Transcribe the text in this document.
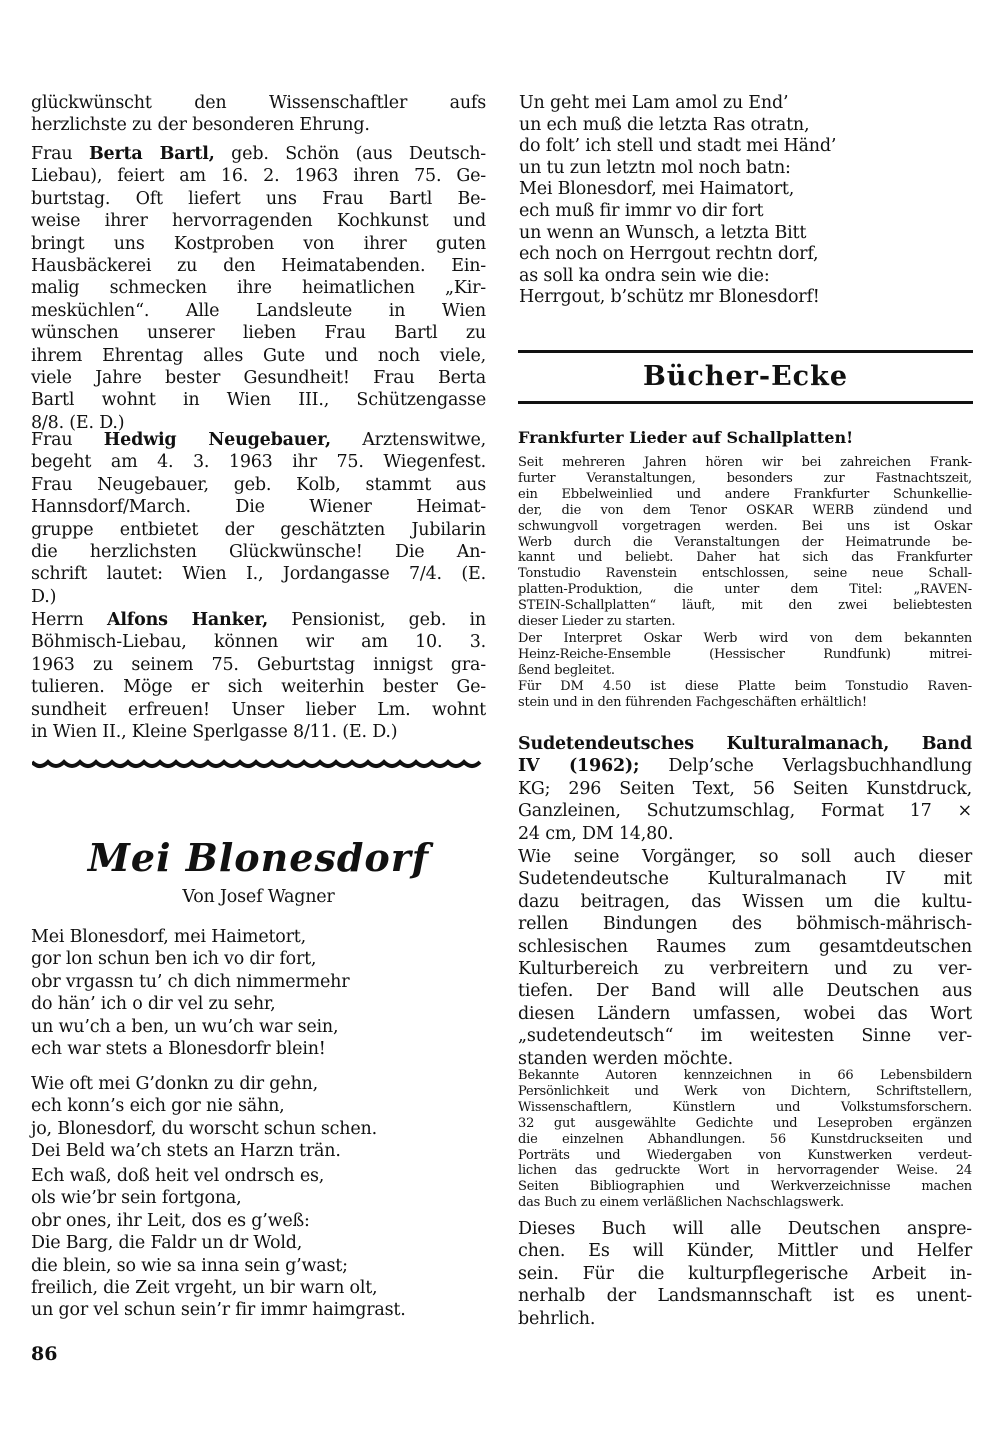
glückwünscht den Wissenschaftler aufs
herzlichste zu der besonderen Ehrung.
Frau Berta Bartl, geb. Schön (aus Deutsch-
Liebau), feiert am 16. 2. 1963 ihren 75. Ge-
burtstag. Oft liefert uns Frau Bartl Be-
weise ihrer hervorragenden Kochkunst und
bringt uns Kostproben von ihrer guten
Hausbäckerei zu den Heimatabenden. Ein-
malig schmecken ihre heimatlichen „Kir-
mesküchlen“. Alle Landsleute in Wien
wünschen unserer lieben Frau Bartl zu
ihrem Ehrentag alles Gute und noch viele,
viele Jahre bester Gesundheit! Frau Berta
Bartl wohnt in Wien III., Schützengasse
8/8. (E. D.)
Frau Hedwig Neugebauer, Arztenswitwe,
begeht am 4. 3. 1963 ihr 75. Wiegenfest.
Frau Neugebauer, geb. Kolb, stammt aus
Hannsdorf/March. Die Wiener Heimat-
gruppe entbietet der geschätzten Jubilarin
die herzlichsten Glückwünsche! Die An-
schrift lautet: Wien I., Jordangasse 7/4. (E.
D.)
Herrn Alfons Hanker, Pensionist, geb. in
Böhmisch-Liebau, können wir am 10. 3.
1963 zu seinem 75. Geburtstag innigst gra-
tulieren. Möge er sich weiterhin bester Ge-
sundheit erfreuen! Unser lieber Lm. wohnt
in Wien II., Kleine Sperlgasse 8/11. (E. D.)
Mei Blonesdorf
Von Josef Wagner
Mei Blonesdorf, mei Haimetort,
gor lon schun ben ich vo dir fort,
obr vrgassn tu’ ch dich nimmermehr
do hän’ ich o dir vel zu sehr,
un wu’ch a ben, un wu’ch war sein,
ech war stets a Blonesdorfr blein!
Wie oft mei G’donkn zu dir gehn,
ech konn’s eich gor nie sähn,
jo, Blonesdorf, du worscht schun schen.
Dei Beld wa’ch stets an Harzn trän.
Ech waß, doß heit vel ondrsch es,
ols wie’br sein fortgona,
obr ones, ihr Leit, dos es g’weß:
Die Barg, die Faldr un dr Wold,
die blein, so wie sa inna sein g’wast;
freilich, die Zeit vrgeht, un bir warn olt,
un gor vel schun sein’r fir immr haimgrast.
86
Un geht mei Lam amol zu End’
un ech muß die letzta Ras otratn,
do folt’ ich stell und stadt mei Händ’
un tu zun letztn mol noch batn:
Mei Blonesdorf, mei Haimatort,
ech muß fir immr vo dir fort
un wenn an Wunsch, a letzta Bitt
ech noch on Herrgout rechtn dorf,
as soll ka ondra sein wie die:
Herrgout, b’schütz mr Blonesdorf!
Bücher-Ecke
Frankfurter Lieder auf Schallplatten!
Seit mehreren Jahren hören wir bei zahreichen Frank-
furter Veranstaltungen, besonders zur Fastnachtszeit,
ein Ebbelweinlied und andere Frankfurter Schunkellie-
der, die von dem Tenor OSKAR WERB zündend und
schwungvoll vorgetragen werden. Bei uns ist Oskar
Werb durch die Veranstaltungen der Heimatrunde be-
kannt und beliebt. Daher hat sich das Frankfurter
Tonstudio Ravenstein entschlossen, seine neue Schall-
platten-Produktion, die unter dem Titel: „RAVEN-
STEIN-Schallplatten“ läuft, mit den zwei beliebtesten
dieser Lieder zu starten.
Der Interpret Oskar Werb wird von dem bekannten
Heinz-Reiche-Ensemble (Hessischer Rundfunk) mitrei-
ßend begleitet.
Für DM 4.50 ist diese Platte beim Tonstudio Raven-
stein und in den führenden Fachgeschäften erhältlich!
Sudetendeutsches Kulturalmanach, Band
IV (1962); Delp’sche Verlagsbuchhandlung
KG; 296 Seiten Text, 56 Seiten Kunstdruck,
Ganzleinen, Schutzumschlag, Format 17 ×
24 cm, DM 14,80.
Wie seine Vorgänger, so soll auch dieser
Sudetendeutsche Kulturalmanach IV mit
dazu beitragen, das Wissen um die kultu-
rellen Bindungen des böhmisch-mährisch-
schlesischen Raumes zum gesamtdeutschen
Kulturbereich zu verbreitern und zu ver-
tiefen. Der Band will alle Deutschen aus
diesen Ländern umfassen, wobei das Wort
„sudetendeutsch“ im weitesten Sinne ver-
standen werden möchte.
Bekannte Autoren kennzeichnen in 66 Lebensbildern
Persönlichkeit und Werk von Dichtern, Schriftstellern,
Wissenschaftlern, Künstlern und Volkstumsforschern.
32 gut ausgewählte Gedichte und Leseproben ergänzen
die einzelnen Abhandlungen. 56 Kunstdruckseiten und
Porträts und Wiedergaben von Kunstwerken verdeut-
lichen das gedruckte Wort in hervorragender Weise. 24
Seiten Bibliographien und Werkverzeichnisse machen
das Buch zu einem verläßlichen Nachschlagswerk.
Dieses Buch will alle Deutschen anspre-
chen. Es will Künder, Mittler und Helfer
sein. Für die kulturpflegerische Arbeit in-
nerhalb der Landsmannschaft ist es unent-
behrlich.
